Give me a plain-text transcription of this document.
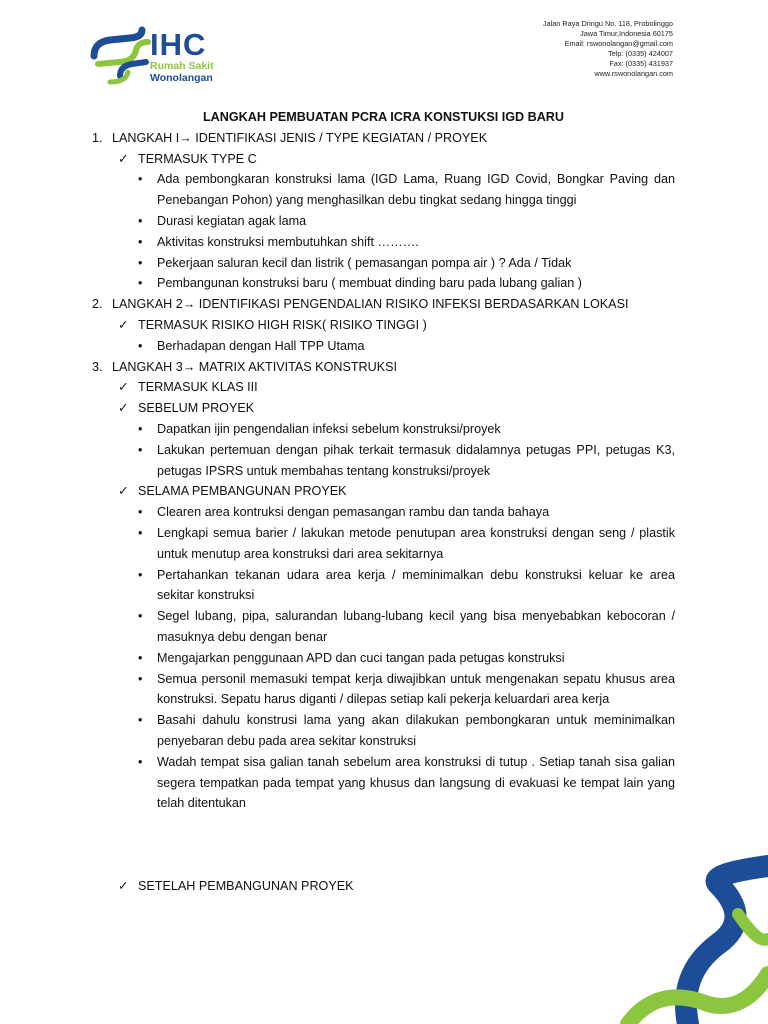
IHC
Rumah Sakit
Wonolangan
Jalan Raya Dringu No. 118, Probolinggo
Jawa Timur,Indonesia 60175
Email: rswonolangan@gmail.com
Telp: (0335) 424007
Fax: (0335) 431937
www.rswonolangan.com
LANGKAH PEMBUATAN PCRA ICRA KONSTUKSI IGD BARU
1. LANGKAH I→ IDENTIFIKASI JENIS / TYPE KEGIATAN / PROYEK
✓ TERMASUK TYPE C
•	Ada pembongkaran konstruksi lama (IGD Lama, Ruang IGD Covid, Bongkar Paving dan Penebangan Pohon) yang menghasilkan debu tingkat sedang hingga tinggi
•	Durasi kegiatan agak lama
•	Aktivitas konstruksi membutuhkan shift ……….
•	Pekerjaan saluran kecil dan listrik ( pemasangan pompa air ) ? Ada / Tidak
•	Pembangunan konstruksi baru ( membuat dinding baru pada lubang galian )
2. LANGKAH 2→ IDENTIFIKASI PENGENDALIAN RISIKO INFEKSI BERDASARKAN LOKASI
✓ TERMASUK RISIKO HIGH RISK( RISIKO TINGGI )
•	Berhadapan dengan Hall TPP Utama
3. LANGKAH 3→ MATRIX AKTIVITAS KONSTRUKSI
✓ TERMASUK KLAS III
✓ SEBELUM PROYEK
•	Dapatkan ijin pengendalian infeksi sebelum konstruksi/proyek
•	Lakukan pertemuan dengan pihak terkait termasuk didalamnya petugas PPI, petugas K3, petugas IPSRS untuk membahas tentang konstruksi/proyek
✓ SELAMA PEMBANGUNAN PROYEK
•	Clearen area kontruksi dengan pemasangan rambu dan tanda bahaya
•	Lengkapi semua barier / lakukan metode penutupan area konstruksi dengan seng / plastik untuk menutup area konstruksi dari area sekitarnya
•	Pertahankan tekanan udara area kerja / meminimalkan debu konstruksi keluar ke area sekitar konstruksi
•	Segel lubang, pipa, salurandan lubang-lubang kecil yang bisa menyebabkan kebocoran / masuknya debu dengan benar
•	Mengajarkan penggunaan APD dan cuci tangan pada petugas konstruksi
•	Semua personil memasuki tempat kerja diwajibkan untuk mengenakan sepatu khusus area konstruksi. Sepatu harus diganti / dilepas setiap kali pekerja keluardari area kerja
•	Basahi dahulu konstrusi lama yang akan dilakukan pembongkaran untuk meminimalkan penyebaran debu pada area sekitar konstruksi
•	Wadah tempat sisa galian tanah sebelum area konstruksi di tutup . Setiap tanah sisa galian segera tempatkan pada tempat yang khusus dan langsung di evakuasi ke tempat lain yang telah ditentukan
✓ SETELAH PEMBANGUNAN PROYEK
